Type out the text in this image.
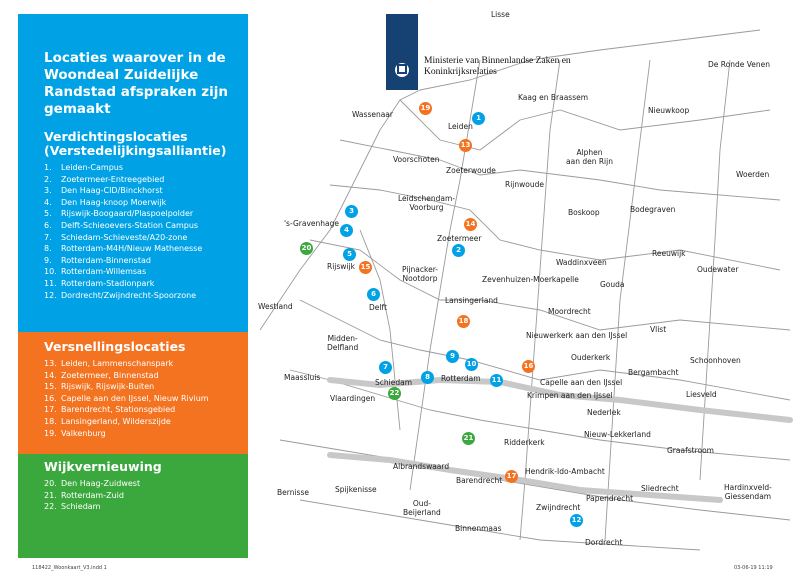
Locaties waarover in de Woondeal Zuidelijke Randstad afspraken zijn gemaakt
Verdichtingslocaties
(Verstedelijkingsalliantie)
1. Leiden-Campus
2. Zoetermeer-Entreegebied
3. Den Haag-CID/Binckhorst
4. Den Haag-knoop Moerwijk
5. Rijswijk-Boogaard/Plaspoelpolder
6. Delft-Schieoevers-Station Campus
7. Schiedam-Schieveste/A20-zone
8. Rotterdam-M4H/Nieuw Mathenesse
9. Rotterdam-Binnenstad
10. Rotterdam-Willemsas
11. Rotterdam-Stadionpark
12. Dordrecht/Zwijndrecht-Spoorzone
Versnellingslocaties
13. Leiden, Lammenschanspark
14. Zoetermeer, Binnenstad
15. Rijswijk, Rijswijk-Buiten
16. Capelle aan den IJssel, Nieuw Rivium
17. Barendrecht, Stationsgebied
18. Lansingerland, Wilderszijde
19. Valkenburg
Wijkvernieuwing
20. Den Haag-Zuidwest
21. Rotterdam-Zuid
22. Schiedam
Ministerie van Binnenlandse Zaken en
Koninkrijksrelaties
Lisse
De Ronde Venen
Kaag en Braassem
Nieuwkoop
Leiden
Wassenaar
Voorschoten
Zoeterwoude
Alphen
aan den Rijn
Rijnwoude
Woerden
Leidschendam-
Voorburg
Boskoop	Bodegraven
's-Gravenhage
Zoetermeer
Reeuwijk
Rijswijk	Pijnacker-
Nootdorp
Waddinxveen
Oudewater
Zevenhuizen-Moerkapelle
Gouda
Westland	Delft
Lansingerland
Moordrecht
Midden-
Delfland
Vlist
Nieuwerkerk aan den IJssel
Ouderkerk	Schoonhoven
Maassluis
Schiedam	Rotterdam	Capelle aan den IJssel
Bergambacht
Vlaardingen	Krimpen aan den IJssel	Liesveld
Nederlek
Ridderkerk
Nieuw-Lekkerland
Albrandswaard
Hendrik-Ido-Ambacht
Graafstroom
Barendrecht
Sliedrecht	Hardinxveld-
Giessendam
Bernisse	Spijkenisse
Oud-
Beijerland
Papendrecht
Zwijndrecht
Binnenmaas
Dordrecht
1
2
3
4
5
6
7
8
9
10
11
12
13
14
15
16
17
18
19
20
21
22
118422_Woonkaart_V3.indd 1	03-06-19 11:19
